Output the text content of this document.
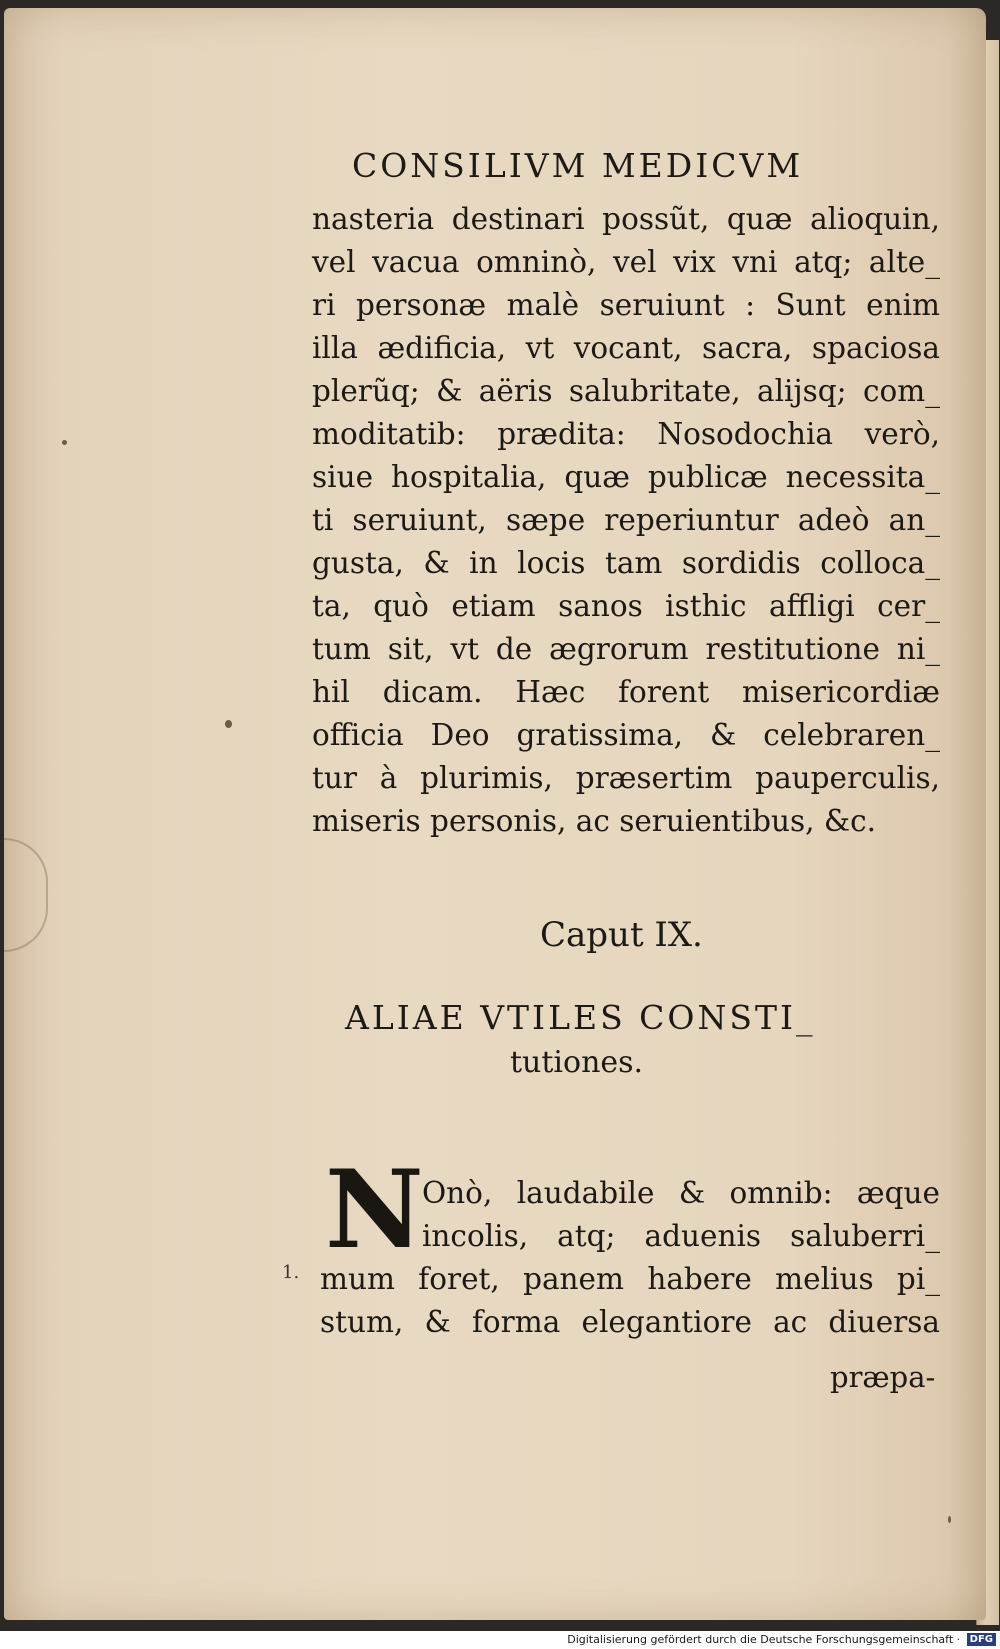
CONSILIVM MEDICVM
nasteria destinari possũt, quæ alioquin,
vel vacua omninò, vel vix vni atq; alte_
ri personæ malè seruiunt : Sunt enim
illa ædificia, vt vocant, sacra, spaciosa
plerũq; & aëris salubritate, alijsq; com_
moditatib: prædita: Nosodochia verò,
siue hospitalia, quæ publicæ necessita_
ti seruiunt, sæpe reperiuntur adeò an_
gusta, & in locis tam sordidis colloca_
ta, quò etiam sanos isthic affligi cer_
tum sit, vt de ægrorum restitutione ni_
hil dicam. Hæc forent misericordiæ
officia Deo gratissima, & celebraren_
tur à plurimis, præsertim pauperculis,
miseris personis, ac seruientibus, &c.
Caput IX.
ALIAE VTILES CONSTI_
tutiones.
N
1.
Onò, laudabile & omnib: æque
incolis, atq; aduenis saluberri_
mum foret, panem habere melius pi_
stum, & forma elegantiore ac diuersa
præpa-
Digitalisierung gefördert durch die Deutsche Forschungsgemeinschaft · DFG
